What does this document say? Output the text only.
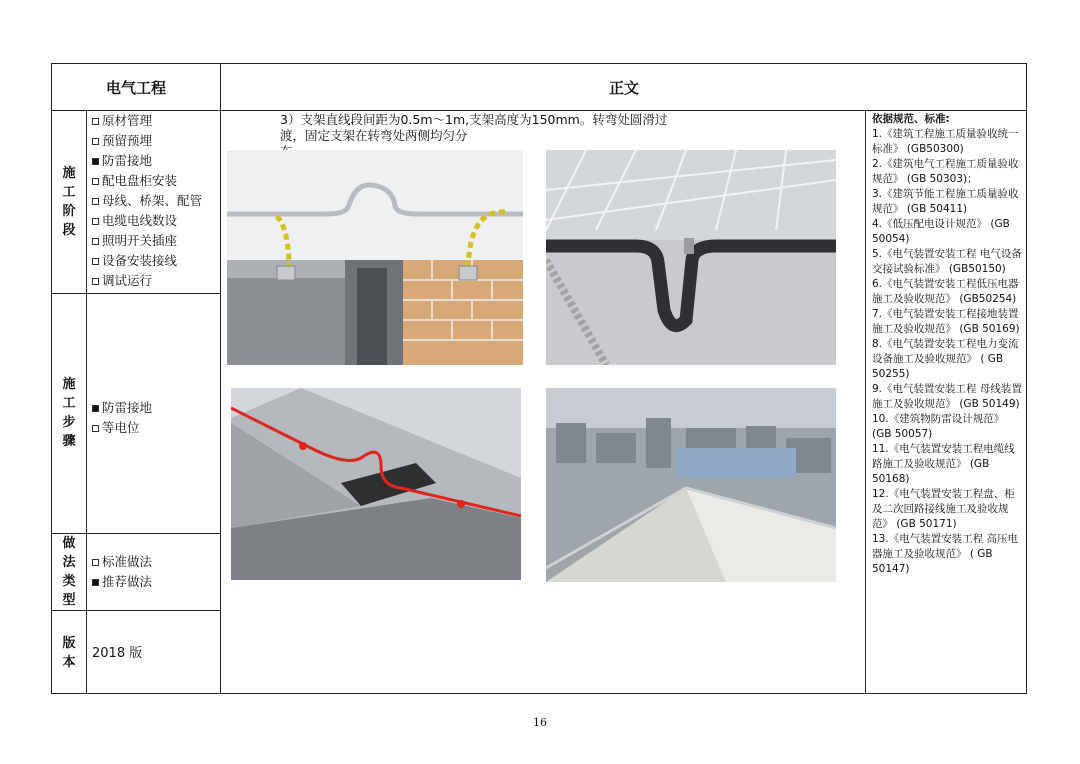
电气工程	正文
施
工
阶
段
施
工
步
骤
做
法
类
型
版
本
原材管理
预留预埋
防雷接地
配电盘柜安装
母线、桥架、配管
电缆电线数设
照明开关插座
设备安装接线
调试运行
防雷接地
等电位
标准做法
推荐做法
2018 版
3）支架直线段间距为0.5m～1m,支架高度为150mm。转弯处圆滑过渡，固定支架在转弯处两侧均匀分
依据规范、标准:
1.《建筑工程施工质量验收统一标准》 (GB50300)
2.《建筑电气工程施工质量验收规范》 (GB 50303)；
3.《建筑节能工程施工质量验收规范》 (GB 50411)
4.《低压配电设计规范》 (GB 50054)
5.《电气装置安装工程 电气设备交接试验标准》 (GB50150)
6.《电气装置安装工程低压电器施工及验收规范》 (GB50254)
7.《电气装置安装工程接地装置施工及验收规范》 (GB 50169)
8.《电气装置安装工程电力变流设备施工及验收规范》 ( GB 50255)
9.《电气装置安装工程 母线装置施工及验收规范》 (GB 50149)
10.《建筑物防雷设计规范》 (GB 50057)
11.《电气装置安装工程电缆线路施工及验收规范》 (GB 50168)
12.《电气装置安装工程盘、柜及二次回路接线施工及验收规范》 (GB 50171)
13.《电气装置安装工程 高压电器施工及验收规范》 ( GB 50147)
16
